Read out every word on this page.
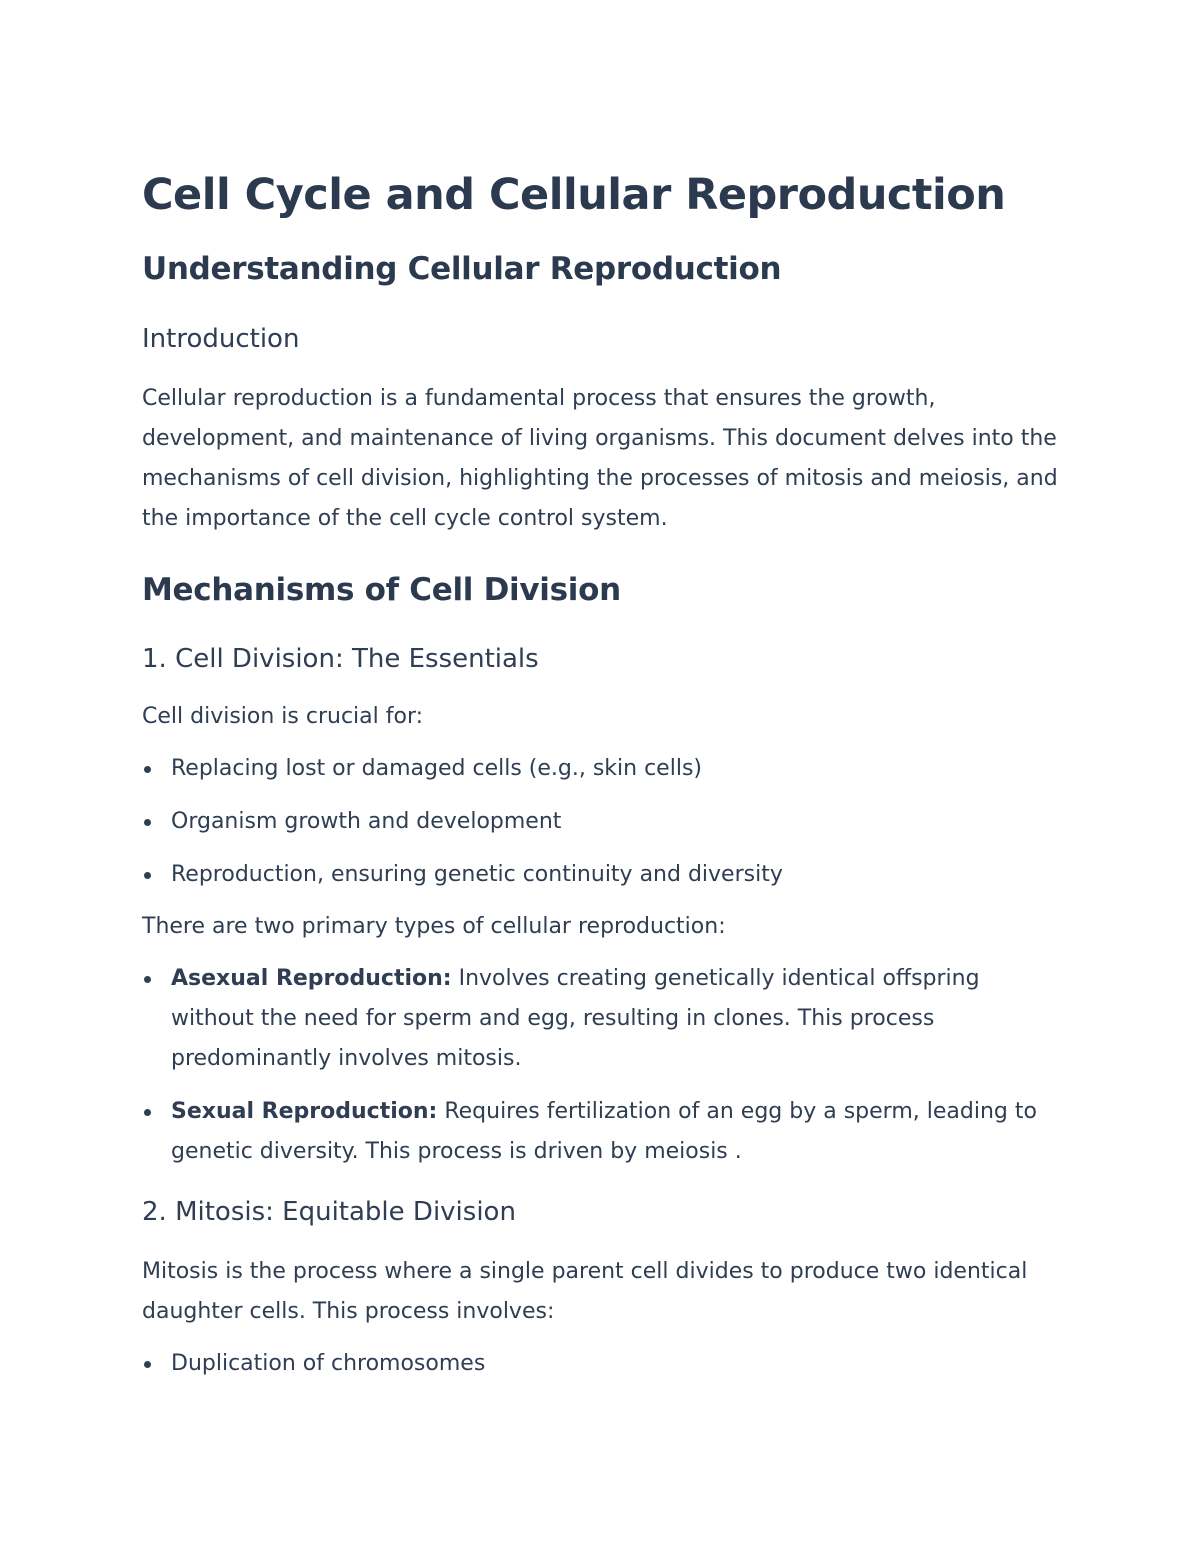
Cell Cycle and Cellular Reproduction
Understanding Cellular Reproduction
Introduction

Cellular reproduction is a fundamental process that ensures the growth, development, and maintenance of living organisms. This document delves into the mechanisms of cell division, highlighting the processes of mitosis and meiosis, and the importance of the cell cycle control system.

Mechanisms of Cell Division
1. Cell Division: The Essentials

Cell division is crucial for:

Replacing lost or damaged cells (e.g., skin cells)
Organism growth and development
Reproduction, ensuring genetic continuity and diversity

There are two primary types of cellular reproduction:

Asexual Reproduction: Involves creating genetically identical offspring without the need for sperm and egg, resulting in clones. This process predominantly involves mitosis.
Sexual Reproduction: Requires fertilization of an egg by a sperm, leading to genetic diversity. This process is driven by meiosis .
2. Mitosis: Equitable Division

Mitosis is the process where a single parent cell divides to produce two identical daughter cells. This process involves:

Duplication of chromosomes
